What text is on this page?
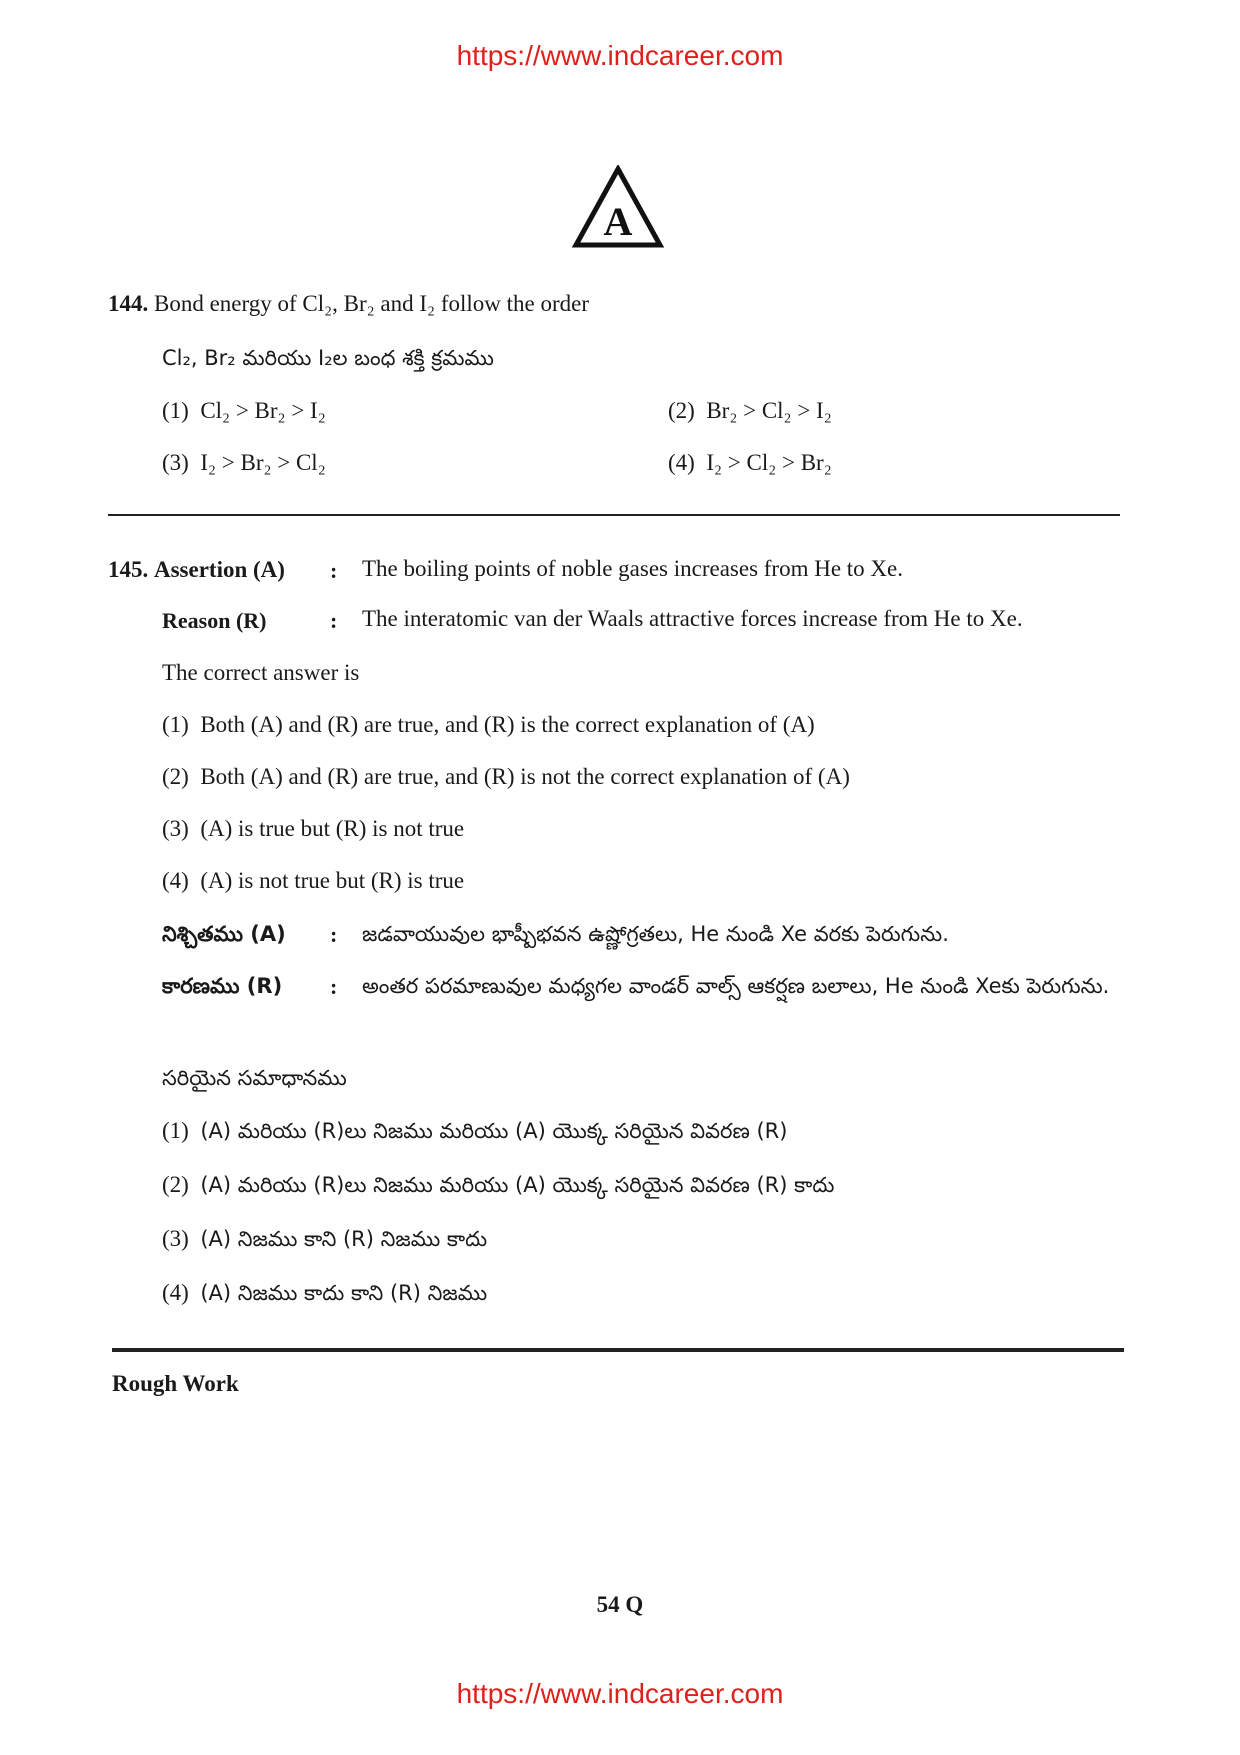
https://www.indcareer.com
A
144. Bond energy of Cl₂, Br₂ and I₂ follow the order
Cl₂, Br₂ మరియు I₂ల బంధ శక్తి క్రమము
(1) Cl₂ > Br₂ > I₂	(2) Br₂ > Cl₂ > I₂
(3) I₂ > Br₂ > Cl₂	(4) I₂ > Cl₂ > Br₂
145. Assertion (A) : The boiling points of noble gases increases from He to Xe.
Reason (R)	: The interatomic van der Waals attractive forces increase from He to Xe.
The correct answer is
(1) Both (A) and (R) are true, and (R) is the correct explanation of (A)
(2) Both (A) and (R) are true, and (R) is not the correct explanation of (A)
(3) (A) is true but (R) is not true
(4) (A) is not true but (R) is true
నిశ్చితము (A) : జడవాయువుల భాష్పీభవన ఉష్ణోగ్రతలు, He నుండి Xe వరకు పెరుగును.
కారణము (R) : అంతర పరమాణువుల మధ్యగల వాండర్ వాల్స్ ఆకర్షణ బలాలు, He నుండి Xeకు పెరుగును.
సరియైన సమాధానము
(1) (A) మరియు (R)లు నిజము మరియు (A) యొక్క సరియైన వివరణ (R)
(2) (A) మరియు (R)లు నిజము మరియు (A) యొక్క సరియైన వివరణ (R) కాదు
(3) (A) నిజము కాని (R) నిజము కాదు
(4) (A) నిజము కాదు కాని (R) నిజము
Rough Work
54 Q
https://www.indcareer.com
